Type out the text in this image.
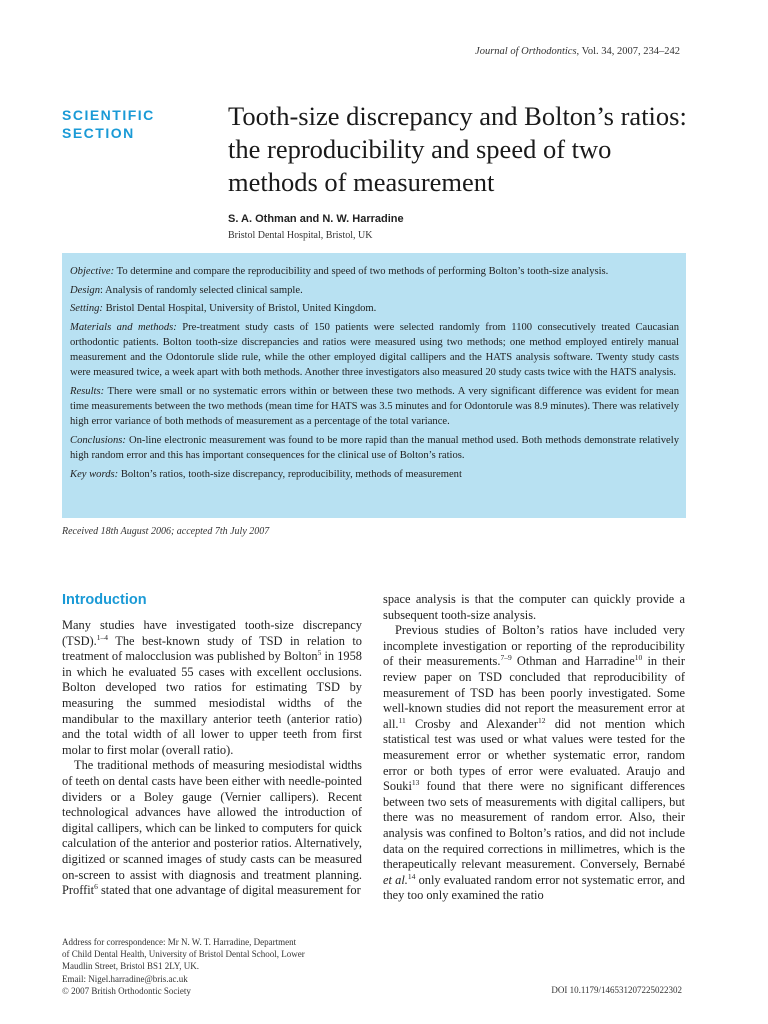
Journal of Orthodontics, Vol. 34, 2007, 234–242
SCIENTIFIC SECTION
Tooth-size discrepancy and Bolton’s ratios: the reproducibility and speed of two methods of measurement
S. A. Othman and N. W. Harradine
Bristol Dental Hospital, Bristol, UK

Objective: To determine and compare the reproducibility and speed of two methods of performing Bolton’s tooth-size analysis.

Design: Analysis of randomly selected clinical sample.

Setting: Bristol Dental Hospital, University of Bristol, United Kingdom.

Materials and methods: Pre-treatment study casts of 150 patients were selected randomly from 1100 consecutively treated Caucasian orthodontic patients. Bolton tooth-size discrepancies and ratios were measured using two methods; one method employed entirely manual measurement and the Odontorule slide rule, while the other employed digital callipers and the HATS analysis software. Twenty study casts were measured twice, a week apart with both methods. Another three investigators also measured 20 study casts twice with the HATS analysis.

Results: There were small or no systematic errors within or between these two methods. A very significant difference was evident for mean time measurements between the two methods (mean time for HATS was 3.5 minutes and for Odontorule was 8.9 minutes). There was relatively high error variance of both methods of measurement as a percentage of the total variance.

Conclusions: On-line electronic measurement was found to be more rapid than the manual method used. Both methods demonstrate relatively high random error and this has important consequences for the clinical use of Bolton’s ratios.

Key words: Bolton’s ratios, tooth-size discrepancy, reproducibility, methods of measurement

Received 18th August 2006; accepted 7th July 2007
Introduction

Many studies have investigated tooth-size discrepancy (TSD).$^{1-4}$ The best-known study of TSD in relation to treatment of malocclusion was published by Bolton$^5$ in 1958 in which he evaluated 55 cases with excellent occlusions. Bolton developed two ratios for estimating TSD by measuring the summed mesiodistal widths of the mandibular to the maxillary anterior teeth (anterior ratio) and the total width of all lower to upper teeth from first molar to first molar (overall ratio).

The traditional methods of measuring mesiodistal widths of teeth on dental casts have been either with needle-pointed dividers or a Boley gauge (Vernier callipers). Recent technological advances have allowed the introduction of digital callipers, which can be linked to computers for quick calculation of the anterior and posterior ratios. Alternatively, digitized or scanned images of study casts can be measured on-screen to assist with diagnosis and treatment planning. Proffit$^6$ stated that one advantage of digital measurement for

space analysis is that the computer can quickly provide a subsequent tooth-size analysis.

Previous studies of Bolton’s ratios have included very incomplete investigation or reporting of the reproducibility of their measurements.$^{7-9}$ Othman and Harradine$^{10}$ in their review paper on TSD concluded that reproducibility of measurement of TSD has been poorly investigated. Some well-known studies did not report the measurement error at all.$^{11}$ Crosby and Alexander$^{12}$ did not mention which statistical test was used or what values were tested for the measurement error or whether systematic error, random error or both types of error were evaluated. Araujo and Souki$^{13}$ found that there were no significant differences between two sets of measurements with digital callipers, but there was no measurement of random error. Also, their analysis was confined to Bolton’s ratios, and did not include data on the required corrections in millimetres, which is the therapeutically relevant measurement. Conversely, Bernabé et al.$^{14}$ only evaluated random error not systematic error, and they too only examined the ratio

Address for correspondence: Mr N. W. T. Harradine, Department
of Child Dental Health, University of Bristol Dental School, Lower
Maudlin Street, Bristol BS1 2LY, UK.
Email: Nigel.harradine@bris.ac.uk
© 2007 British Orthodontic Society	DOI 10.1179/146531207225022302
